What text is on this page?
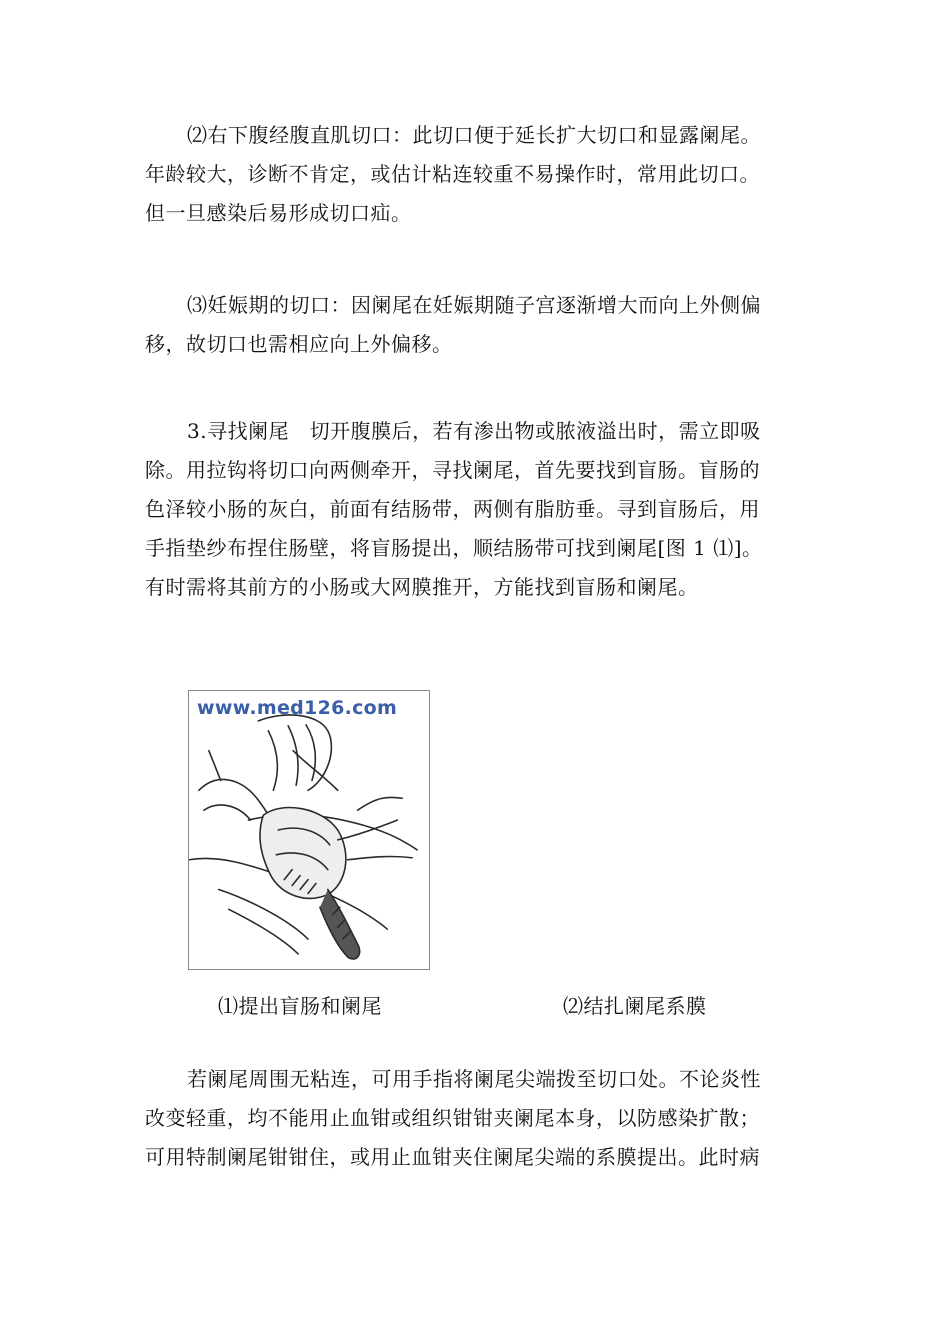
⑵右下腹经腹直肌切口：此切口便于延长扩大切口和显露阑尾。
年龄较大，诊断不肯定，或估计粘连较重不易操作时，常用此切口。
但一旦感染后易形成切口疝。
⑶妊娠期的切口：因阑尾在妊娠期随子宫逐渐增大而向上外侧偏
移，故切口也需相应向上外偏移。
3.寻找阑尾　切开腹膜后，若有渗出物或脓液溢出时，需立即吸
除。用拉钩将切口向两侧牵开，寻找阑尾，首先要找到盲肠。盲肠的
色泽较小肠的灰白，前面有结肠带，两侧有脂肪垂。寻到盲肠后，用
手指垫纱布捏住肠壁，将盲肠提出，顺结肠带可找到阑尾[图 1 ⑴]。
有时需将其前方的小肠或大网膜推开，方能找到盲肠和阑尾。
www.med126.com
⑴提出盲肠和阑尾	⑵结扎阑尾系膜
若阑尾周围无粘连，可用手指将阑尾尖端拨至切口处。不论炎性
改变轻重，均不能用止血钳或组织钳钳夹阑尾本身，以防感染扩散；
可用特制阑尾钳钳住，或用止血钳夹住阑尾尖端的系膜提出。此时病
